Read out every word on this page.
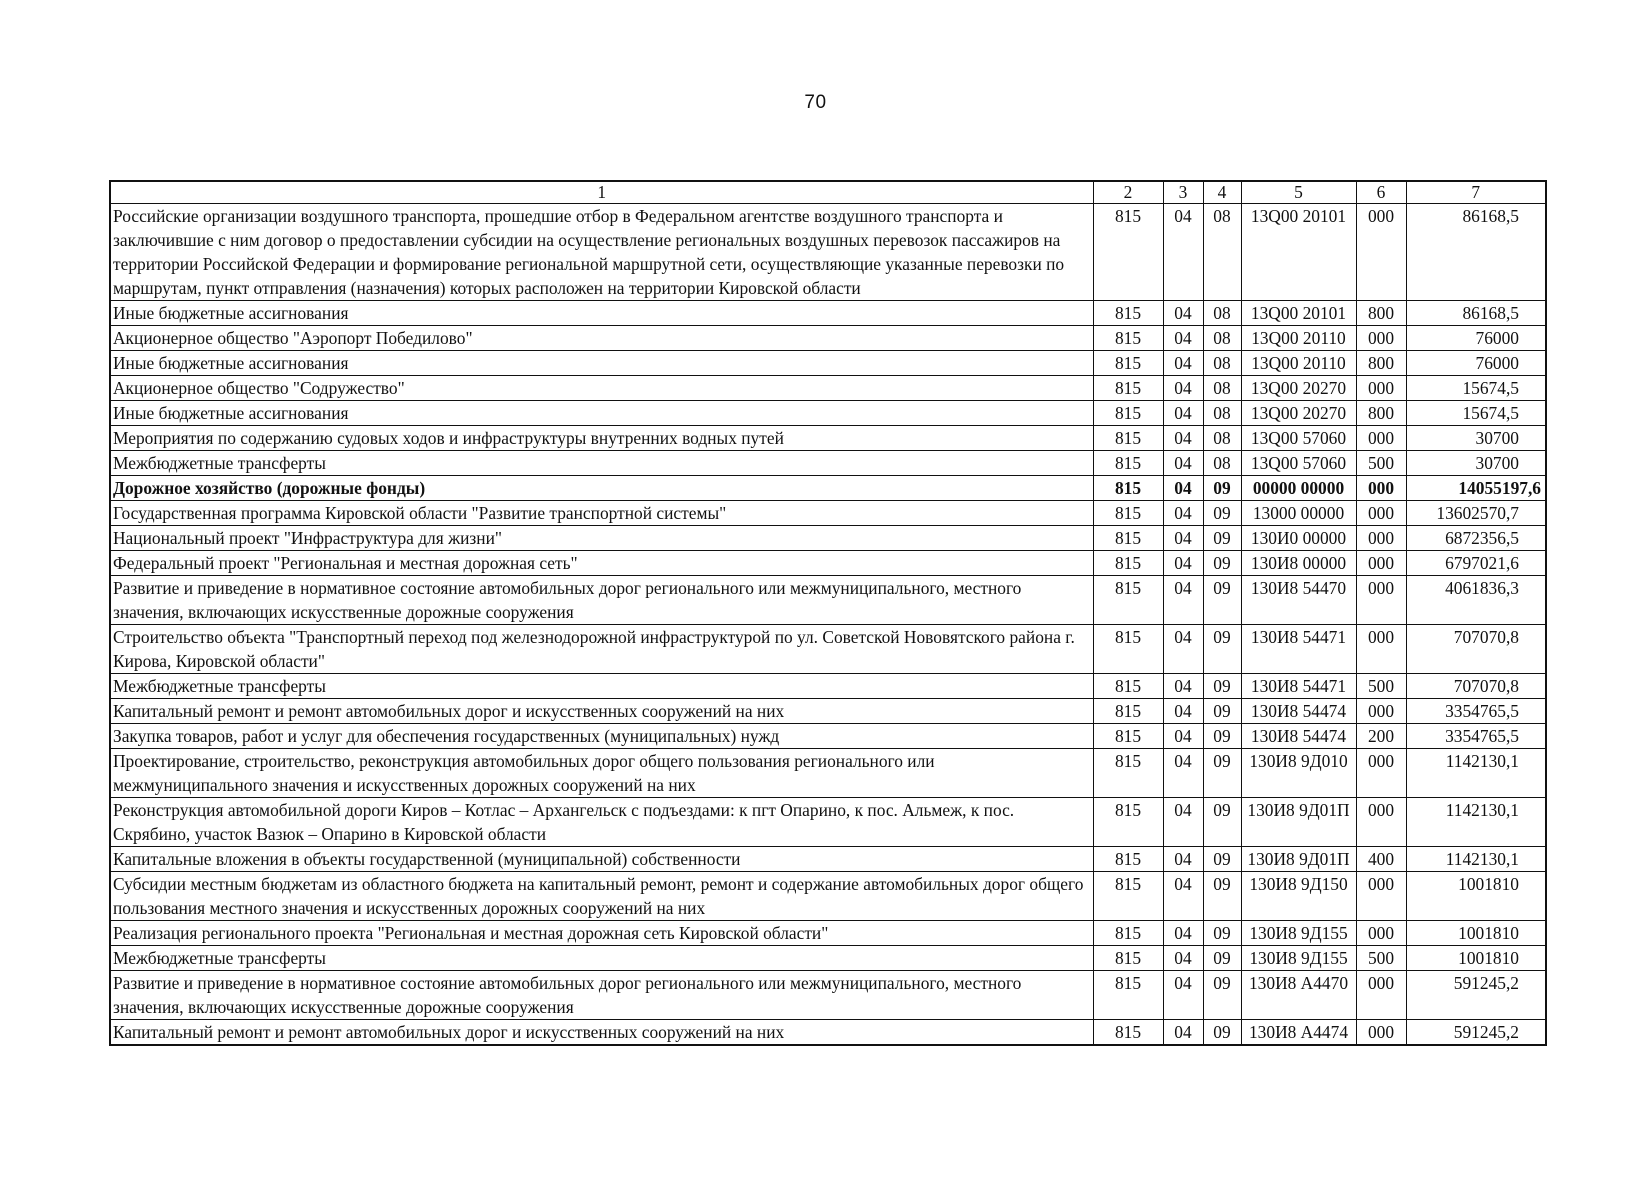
70
1	2	3	4	5	6	7
Российские организации воздушного транспорта, прошедшие отбор в Федеральном агентстве воздушного транспорта и заключившие с ним договор о предоставлении субсидии на осуществление региональных воздушных перевозок пассажиров на территории Российской Федерации и формирование региональной маршрутной сети, осуществляющие указанные перевозки по маршрутам, пункт отправления (назначения) которых расположен на территории Кировской области	815	04	08	13Q00 20101	000	86168,5
Иные бюджетные ассигнования	815	04	08	13Q00 20101	800	86168,5
Акционерное общество "Аэропорт Победилово"	815	04	08	13Q00 20110	000	76000
Иные бюджетные ассигнования	815	04	08	13Q00 20110	800	76000
Акционерное общество "Содружество"	815	04	08	13Q00 20270	000	15674,5
Иные бюджетные ассигнования	815	04	08	13Q00 20270	800	15674,5
Мероприятия по содержанию судовых ходов и инфраструктуры внутренних водных путей	815	04	08	13Q00 57060	000	30700
Межбюджетные трансферты	815	04	08	13Q00 57060	500	30700
Дорожное хозяйство (дорожные фонды)	815	04	09	00000 00000	000	14055197,6
Государственная программа Кировской области "Развитие транспортной системы"	815	04	09	13000 00000	000	13602570,7
Национальный проект "Инфраструктура для жизни"	815	04	09	130И0 00000	000	6872356,5
Федеральный проект "Региональная и местная дорожная сеть"	815	04	09	130И8 00000	000	6797021,6
Развитие и приведение в нормативное состояние автомобильных дорог регионального или межмуниципального, местного значения, включающих искусственные дорожные сооружения	815	04	09	130И8 54470	000	4061836,3
Строительство объекта "Транспортный переход под железнодорожной инфраструктурой по ул. Советской Нововятского района г. Кирова, Кировской области"	815	04	09	130И8 54471	000	707070,8
Межбюджетные трансферты	815	04	09	130И8 54471	500	707070,8
Капитальный ремонт и ремонт автомобильных дорог и искусственных сооружений на них	815	04	09	130И8 54474	000	3354765,5
Закупка товаров, работ и услуг для обеспечения государственных (муниципальных) нужд	815	04	09	130И8 54474	200	3354765,5
Проектирование, строительство, реконструкция автомобильных дорог общего пользования регионального или межмуниципального значения и искусственных дорожных сооружений на них	815	04	09	130И8 9Д010	000	1142130,1
Реконструкция автомобильной дороги Киров – Котлас – Архангельск с подъездами: к пгт Опарино, к пос. Альмеж, к пос. Скрябино, участок Вазюк – Опарино в Кировской области	815	04	09	130И8 9Д01П	000	1142130,1
Капитальные вложения в объекты государственной (муниципальной) собственности	815	04	09	130И8 9Д01П	400	1142130,1
Субсидии местным бюджетам из областного бюджета на капитальный ремонт, ремонт и содержание автомобильных дорог общего пользования местного значения и искусственных дорожных сооружений на них	815	04	09	130И8 9Д150	000	1001810
Реализация регионального проекта "Региональная и местная дорожная сеть Кировской области"	815	04	09	130И8 9Д155	000	1001810
Межбюджетные трансферты	815	04	09	130И8 9Д155	500	1001810
Развитие и приведение в нормативное состояние автомобильных дорог регионального или межмуниципального, местного значения, включающих искусственные дорожные сооружения	815	04	09	130И8 А4470	000	591245,2
Капитальный ремонт и ремонт автомобильных дорог и искусственных сооружений на них	815	04	09	130И8 А4474	000	591245,2
